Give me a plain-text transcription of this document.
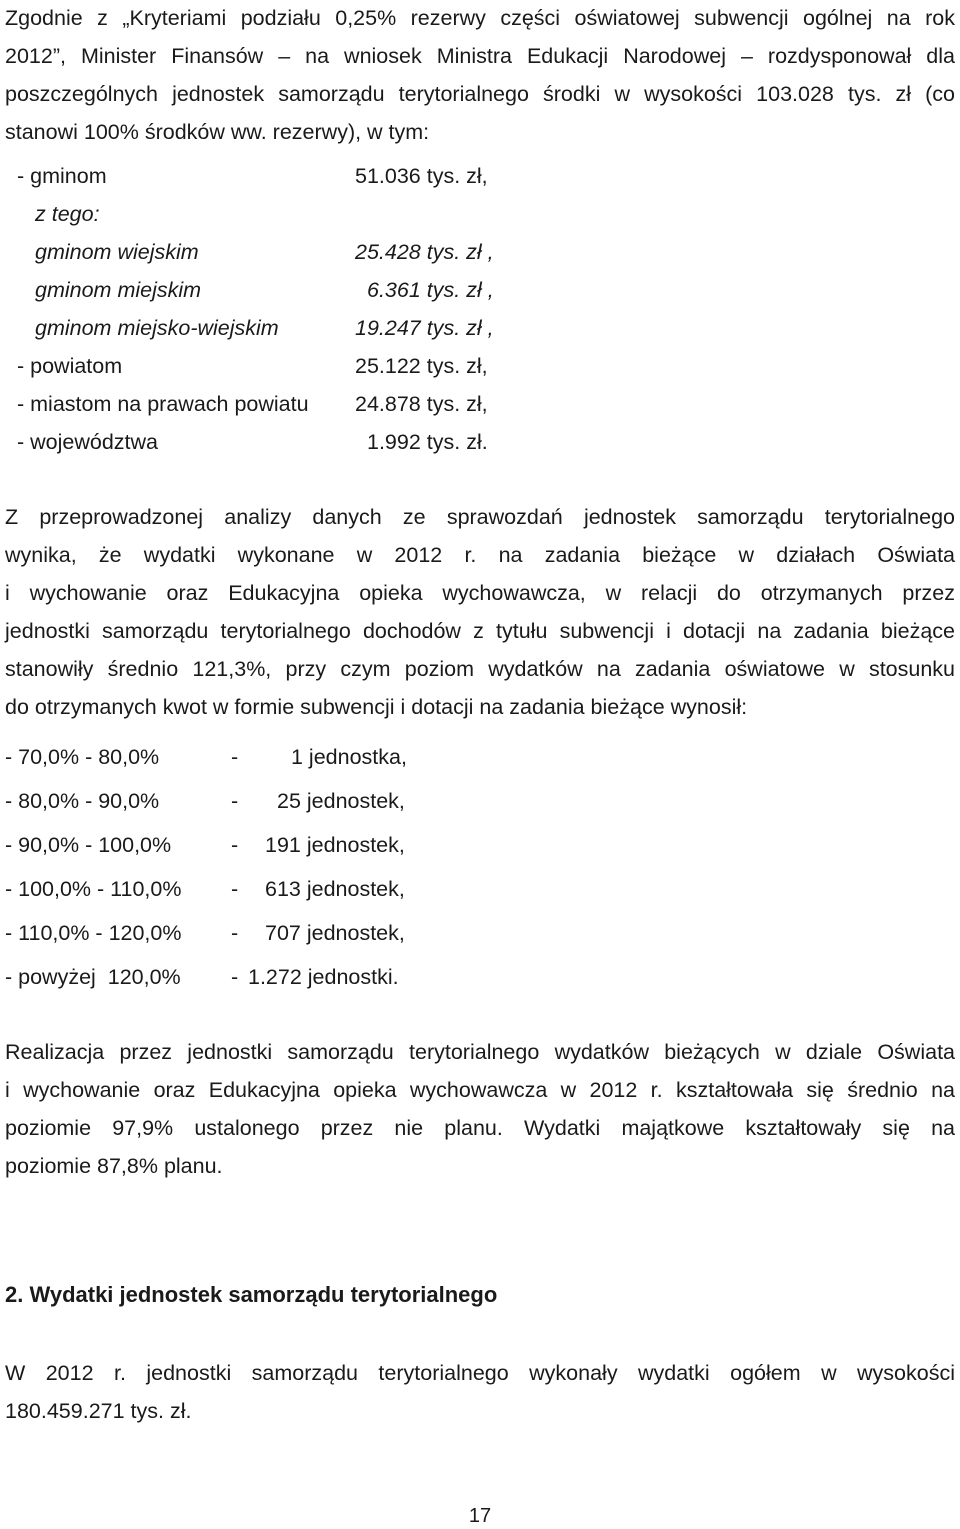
Zgodnie z „Kryteriami podziału 0,25% rezerwy części oświatowej subwencji ogólnej na rok
2012”, Minister Finansów – na wniosek Ministra Edukacji Narodowej – rozdysponował dla
poszczególnych jednostek samorządu terytorialnego środki w wysokości 103.028 tys. zł (co
stanowi 100% środków ww. rezerwy), w tym:
- gminom	51.036 tys. zł,
z tego:
gminom wiejskim	25.428 tys. zł ,
gminom miejskim	6.361 tys. zł ,
gminom miejsko-wiejskim	19.247 tys. zł ,
- powiatom	25.122 tys. zł,
- miastom na prawach powiatu 24.878 tys. zł,
- województwa	1.992 tys. zł.
Z przeprowadzonej analizy danych ze sprawozdań jednostek samorządu terytorialnego
wynika, że wydatki wykonane w 2012 r. na zadania bieżące w działach Oświata
i wychowanie oraz Edukacyjna opieka wychowawcza, w relacji do otrzymanych przez
jednostki samorządu terytorialnego dochodów z tytułu subwencji i dotacji na zadania bieżące
stanowiły średnio 121,3%, przy czym poziom wydatków na zadania oświatowe w stosunku
do otrzymanych kwot w formie subwencji i dotacji na zadania bieżące wynosił:
- 70,0% - 80,0%	- 1 jednostka,
- 80,0% - 90,0%	- 25 jednostek,
- 90,0% - 100,0%	- 191 jednostek,
- 100,0% - 110,0% - 613 jednostek,
- 110,0% - 120,0% - 707 jednostek,
- powyżej  120,0% - 1.272 jednostki.
Realizacja przez jednostki samorządu terytorialnego wydatków bieżących w dziale Oświata
i wychowanie oraz Edukacyjna opieka wychowawcza w 2012 r. kształtowała się średnio na
poziomie 97,9% ustalonego przez nie planu. Wydatki majątkowe kształtowały się na
poziomie 87,8% planu.
2. Wydatki jednostek samorządu terytorialnego
W 2012 r. jednostki samorządu terytorialnego wykonały wydatki ogółem w wysokości
180.459.271 tys. zł.
17
